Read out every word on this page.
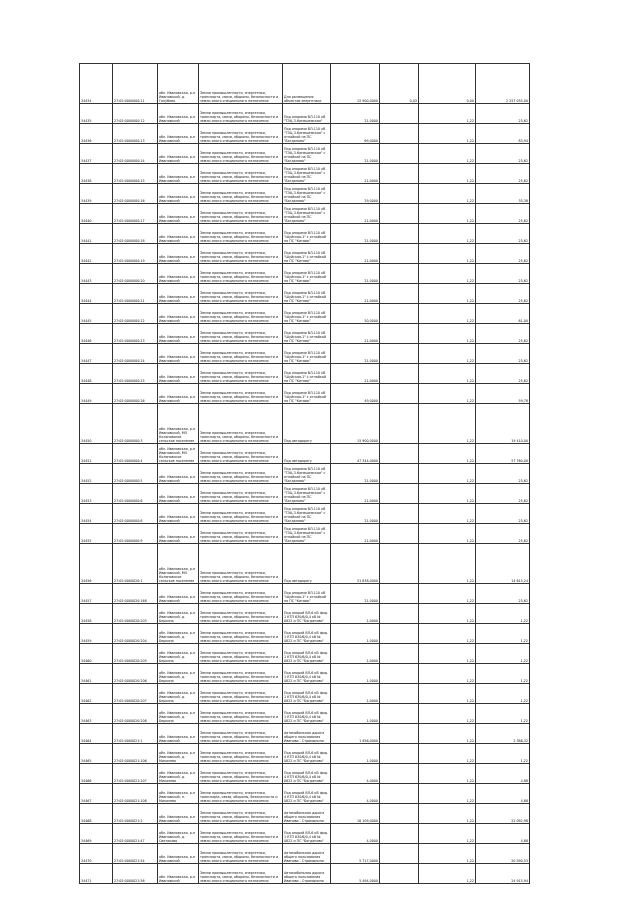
34434	27:05:0000000:11	обл. Ивановская, р-н Ивановский, д. Голубево	Земли промышленности, энергетики, транспорта, связи, обороны, безопасности и земли иного специального назначения	Для размещения объектов энергетики	15 900,0000	0,03	0,00	2 257 035,00
34435	27:05:0000000:12	обл. Ивановская, р-н Ивановский	Земли промышленности, энергетики, транспорта, связи, обороны, безопасности и земли иного специального назначения	Под опорами ВЛ-110 кВ "ТЭЦ-3-Кинешемская"	21,0000		1,22	25,62
34436	27:05:0000000:13	обл. Ивановская, р-н Ивановский	Земли промышленности, энергетики, транспорта, связи, обороны, безопасности и земли иного специального назначения	Под опорами ВЛ-110 кВ "ТЭЦ-3-Кинешемская" с отпайкой на ПС "Богданово"	69,0000		1,22	83,94
34437	27:05:0000000:14	обл. Ивановская, р-н Ивановский	Земли промышленности, энергетики, транспорта, связи, обороны, безопасности и земли иного специального назначения	Под опорами ВЛ-110 кВ "ТЭЦ-3-Кинешемская" с отпайкой на ПС "Богданово"	21,0000		1,22	25,62
34438	27:05:0000000:15	обл. Ивановская, р-н Ивановский	Земли промышленности, энергетики, транспорта, связи, обороны, безопасности и земли иного специального назначения	Под опорами ВЛ-110 кВ "ТЭЦ-3-Кинешемская" с отпайкой на ПС "Богданово"	21,0000		1,22	25,62
34439	27:05:0000000:16	обл. Ивановская, р-н Ивановский	Земли промышленности, энергетики, транспорта, связи, обороны, безопасности и земли иного специального назначения	Под опорами ВЛ-110 кВ "ТЭЦ-3-Кинешемская" с отпайкой на ПС "Богданово"	29,0000		1,22	35,38
34440	27:05:0000000:17	обл. Ивановская, р-н Ивановский	Земли промышленности, энергетики, транспорта, связи, обороны, безопасности и земли иного специального назначения	Под опорами ВЛ-110 кВ "ТЭЦ-3-Кинешемская" с отпайкой на ПС "Богданово"	21,0000		1,22	25,62
34441	27:05:0000000:18	обл. Ивановская, р-н Ивановский	Земли промышленности, энергетики, транспорта, связи, обороны, безопасности и земли иного специального назначения	Под опорами ВЛ-110 кВ "Шуйская-1" с отпайкой на ПС "Китово"	21,0000		1,22	25,62
34442	27:05:0000000:19	обл. Ивановская, р-н Ивановский	Земли промышленности, энергетики, транспорта, связи, обороны, безопасности и земли иного специального назначения	Под опорами ВЛ-110 кВ "Шуйская-1" с отпайкой на ПС "Китово"	21,0000		1,22	25,62
34443	27:05:0000000:20	обл. Ивановская, р-н Ивановский	Земли промышленности, энергетики, транспорта, связи, обороны, безопасности и земли иного специального назначения	Под опорами ВЛ-110 кВ "Шуйская-1" с отпайкой на ПС "Китово"	21,0000		1,22	25,62
34444	27:05:0000000:21	обл. Ивановская, р-н Ивановский	Земли промышленности, энергетики, транспорта, связи, обороны, безопасности и земли иного специального назначения	Под опорами ВЛ-110 кВ "Шуйская-1" с отпайкой на ПС "Китово"	21,0000		1,22	25,62
34445	27:05:0000000:22	обл. Ивановская, р-н Ивановский	Земли промышленности, энергетики, транспорта, связи, обороны, безопасности и земли иного специального назначения	Под опорами ВЛ-110 кВ "Шуйская-1" с отпайкой на ПС "Китово"	50,0000		1,22	61,00
34446	27:05:0000000:23	обл. Ивановская, р-н Ивановский	Земли промышленности, энергетики, транспорта, связи, обороны, безопасности и земли иного специального назначения	Под опорами ВЛ-110 кВ "Шуйская-1" с отпайкой на ПС "Китово"	21,0000		1,22	25,62
34447	27:05:0000000:24	обл. Ивановская, р-н Ивановский	Земли промышленности, энергетики, транспорта, связи, обороны, безопасности и земли иного специального назначения	Под опорами ВЛ-110 кВ "Шуйская-1" с отпайкой на ПС "Китово"	21,0000		1,22	25,62
34448	27:05:0000000:25	обл. Ивановская, р-н Ивановский	Земли промышленности, энергетики, транспорта, связи, обороны, безопасности и земли иного специального назначения	Под опорами ВЛ-110 кВ "Шуйская-1" с отпайкой на ПС "Китово"	21,0000		1,22	25,62
34449	27:05:0000000:26	обл. Ивановская, р-н Ивановский	Земли промышленности, энергетики, транспорта, связи, обороны, безопасности и земли иного специального назначения	Под опорами ВЛ-110 кВ "Шуйская-1" с отпайкой на ПС "Китово"	49,0000		1,22	59,78
34450	27:05:0000000:3	обл. Ивановская, р-н Ивановский, МО Коляновское сельское поселение	Земли промышленности, энергетики, транспорта, связи, обороны, безопасности и земли иного специального назначения	Под автодорогу	15 900,0000		1,22	19 410,00
34451	27:05:0000000:4	обл. Ивановская, р-н Ивановский, МО Коляновское сельское поселение	Земли промышленности, энергетики, транспорта, связи, обороны, безопасности и земли иного специального назначения	Под автодорогу	47 344,0000		1,22	57 760,00
34452	27:05:0000000:5	обл. Ивановская, р-н Ивановский	Земли промышленности, энергетики, транспорта, связи, обороны, безопасности и земли иного специального назначения	Под опорами ВЛ-110 кВ "ТЭЦ-3-Кинешемская" с отпайкой на ПС "Богданово"	21,0000		1,22	25,62
34453	27:05:0000000:6	обл. Ивановская, р-н Ивановский	Земли промышленности, энергетики, транспорта, связи, обороны, безопасности и земли иного специального назначения	Под опорами ВЛ-110 кВ "ТЭЦ-3-Кинешемская" с отпайкой на ПС "Богданово"	21,0000		1,22	25,62
34454	27:05:0000000:8	обл. Ивановская, р-н Ивановский	Земли промышленности, энергетики, транспорта, связи, обороны, безопасности и земли иного специального назначения	Под опорами ВЛ-110 кВ "ТЭЦ-3-Кинешемская" с отпайкой на ПС "Богданово"	21,0000		1,22	25,62
34455	27:05:0000000:9	обл. Ивановская, р-н Ивановский	Земли промышленности, энергетики, транспорта, связи, обороны, безопасности и земли иного специального назначения	Под опорами ВЛ-110 кВ "ТЭЦ-3-Кинешемская" с отпайкой на ПС "Богданово"	21,0000		1,22	25,62
34456	27:05:0000020:1	обл. Ивановская, р-н Ивановский, МО Коляновское сельское поселение	Земли промышленности, энергетики, транспорта, связи, обороны, безопасности и земли иного специального назначения	Под автодорогу	51 838,0000		1,22	14 615,24
34457	27:05:0000020:168	обл. Ивановская, р-н Ивановский	Земли промышленности, энергетики, транспорта, связи, обороны, безопасности и земли иного специального назначения	Под опорами ВЛ-110 кВ "Шуйская-1" с отпайкой на ПС "Китово"	21,0000		1,22	25,62
34458	27:05:0000020:203	обл. Ивановская, р-н Ивановский, д. Беркино	Земли промышленности, энергетики, транспорта, связи, обороны, безопасности и земли иного специального назначения	Под опорой ВЛ-6 кВ фид. 1 КТП 630/6/0,4 кВ № 0822 и ПС "Богданово"	1,0000		1,22	1,22
34459	27:05:0000020:204	обл. Ивановская, р-н Ивановский, д. Беркино	Земли промышленности, энергетики, транспорта, связи, обороны, безопасности и земли иного специального назначения	Под опорой ВЛ-6 кВ фид. 1 КТП 630/6/0,4 кВ № 0822 и ПС "Богданово"	1,0000		1,22	1,22
34460	27:05:0000020:205	обл. Ивановская, р-н Ивановский, д. Беркино	Земли промышленности, энергетики, транспорта, связи, обороны, безопасности и земли иного специального назначения	Под опорой ВЛ-6 кВ фид. 1 КТП 630/6/0,4 кВ № 0822 и ПС "Богданово"	1,0000		1,22	1,22
34461	27:05:0000020:206	обл. Ивановская, р-н Ивановский, д. Беркино	Земли промышленности, энергетики, транспорта, связи, обороны, безопасности и земли иного специального назначения	Под опорой ВЛ-6 кВ фид. 1 КТП 630/6/0,4 кВ № 0822 и ПС "Богданово"	1,0000		1,22	1,22
34462	27:05:0000020:207	обл. Ивановская, р-н Ивановский, д. Беркино	Земли промышленности, энергетики, транспорта, связи, обороны, безопасности и земли иного специального назначения	Под опорой ВЛ-6 кВ фид. 1 КТП 630/6/0,4 кВ № 0822 и ПС "Богданово"	1,0000		1,22	1,22
34463	27:05:0000020:208	обл. Ивановская, р-н Ивановский, д. Беркино	Земли промышленности, энергетики, транспорта, связи, обороны, безопасности и земли иного специального назначения	Под опорой ВЛ-6 кВ фид. 1 КТП 630/6/0,4 кВ № 0822 и ПС "Богданово"	1,0000		1,22	1,22
34464	27:05:0000021:1	обл. Ивановская, р-н Ивановский	Земли промышленности, энергетики, транспорта, связи, обороны, безопасности и земли иного специального назначения	Автомобильная дорога общего пользования Иваново - Стромынино	1 956,0000		1,22	2 386,32
34465	27:05:0000021:106	обл. Ивановская, р-н Ивановский, д. Михалево	Земли промышленности, энергетики, транспорта, связи, обороны, безопасности и земли иного специального назначения	Под опорой ВЛ-6 кВ фид. 4 КТП 630/6/0,4 кВ № 0822 и ПС "Богданово"	1,0000		1,22	1,22
34466	27:05:0000021:107	обл. Ивановская, р-н Ивановский, д. Михалево	Земли промышленности, энергетики, транспорта, связи, обороны, безопасности и земли иного специального назначения	Под опорой ВЛ-6 кВ фид. 4 КТП 630/6/0,4 кВ № 0822 и ПС "Богданово"	4,0000		1,22	4,88
34467	27:05:0000021:108	обл. Ивановская, р-н Ивановский, п. Михалево	Земли промышленности, энергетики, транспорta, связи, обороны, безопасности и земли иного специального назначения	Под опорой ВЛ-6 кВ фид. 4 КТП 630/6/0,4 кВ № 0822 и ПС "Богданово"	4,0000		1,22	4,88
34468	27:05:0000021:2	обл. Ивановская, р-н Ивановский	Земли промышленности, энергетики, транспорта, связи, обороны, безопасности и земли иного специального назначения	Автомобильная дорога общего пользования Иваново - Стромынино	18 109,0000		1,22	22 092,98
34469	27:05:0000021:47	обл. Ивановская, р-н Ивановский, д. Светиково	Земли промышленности, энергетики, транспорта, связи, обороны, безопасности и земли иного специального назначения	Под опорой ВЛ-6 кВ фид. 1 КТП 630/6/0,4 кВ № 0822 и ПС "Богданово"	4,0000		1,22	4,88
34470	27:05:0000021:54	обл. Ивановская, р-н Ивановский	Земли промышленности, энергетики, транспорта, связи, обороны, безопасности и земли иного специального назначения	Автомобильная дорога общего пользования Иваново - Стромынино	5 717,0000		1,22	20 590,53
34471	27:05:0000021:56	обл. Ивановская, р-н Ивановский	Земли промышленности, энергетики, транспорта, связи, обороны, безопасности и земли иного специального назначения	Автомобильная дорога общего пользования Иваново - Стромынино	5 494,0000		1,22	24 915,94
